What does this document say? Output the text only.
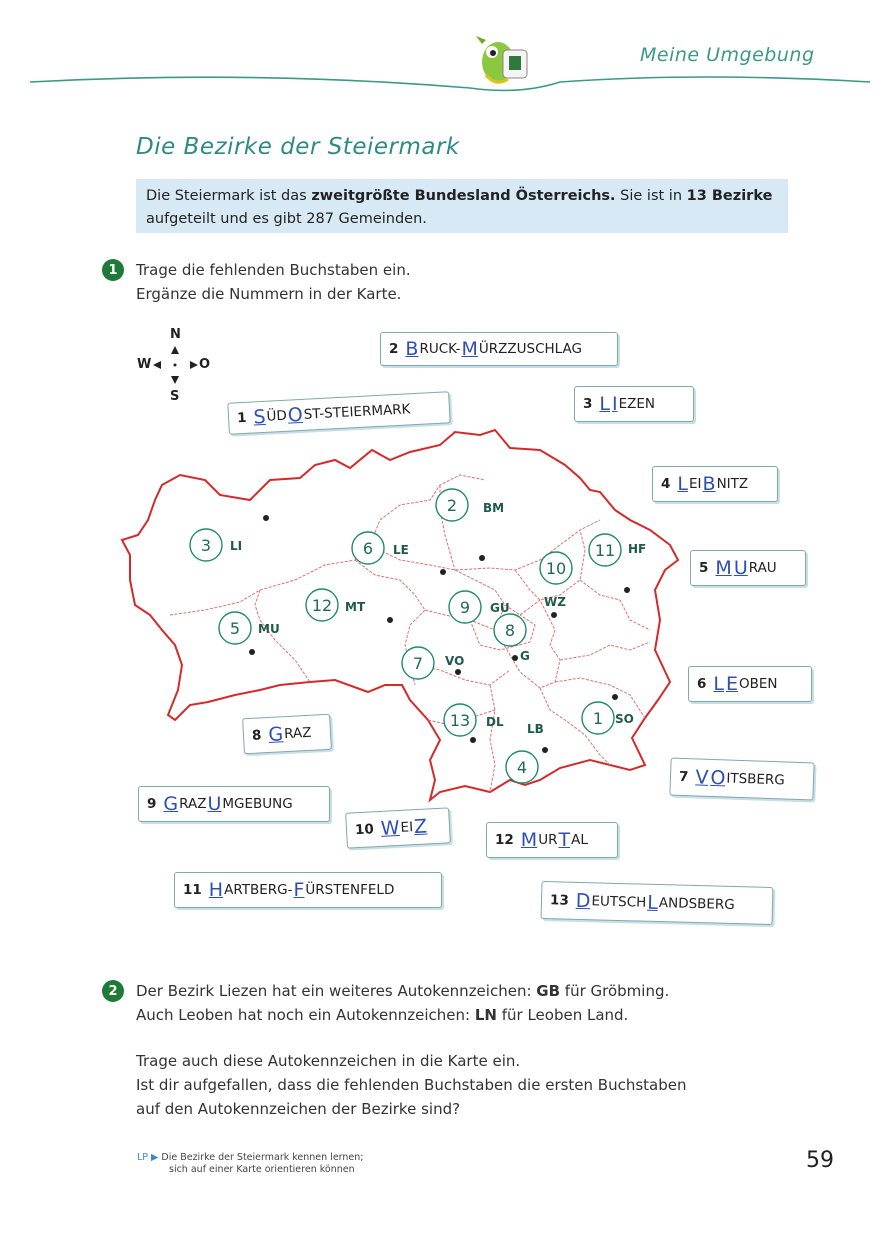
Meine Umgebung
Die Bezirke der Steiermark
Die Steiermark ist das zweitgrößte Bundesland Österreichs. Sie ist in 13 Bezirke aufgeteilt und es gibt 287 Gemeinden.
1	Trage die fehlenden Buchstaben ein.
Ergänze die Nummern in der Karte.
N
S
W	O
3
2
6	11
10
12	9
5	8
7
13	1
4
LI
BM
LE	HF
WZ
MT	GU
MU
G
VO
DL	SO
LB
1 S ÜD O ST-STEIERMARK
2 B RUCK- M ÜRZZUSCHLAG
3 L I EZEN
4 L EI B NITZ
5 M U RAU
6 L E OBEN
7 V O ITSBERG
8 G RAZ
9 G RAZ U MGEBUNG
10 W EI Z
12 M UR T AL
11 H ARTBERG- F ÜRSTENFELD
13 D EUTSCH L ANDSBERG
2	Der Bezirk Liezen hat ein weiteres Autokennzeichen: GB für Gröbming.
Auch Leoben hat noch ein Autokennzeichen: LN für Leoben Land.
Trage auch diese Autokennzeichen in die Karte ein.
Ist dir aufgefallen, dass die fehlenden Buchstaben die ersten Buchstaben
auf den Autokennzeichen der Bezirke sind?
LP ▶ Die Bezirke der Steiermark kennen lernen;
sich auf einer Karte orientieren können	59
